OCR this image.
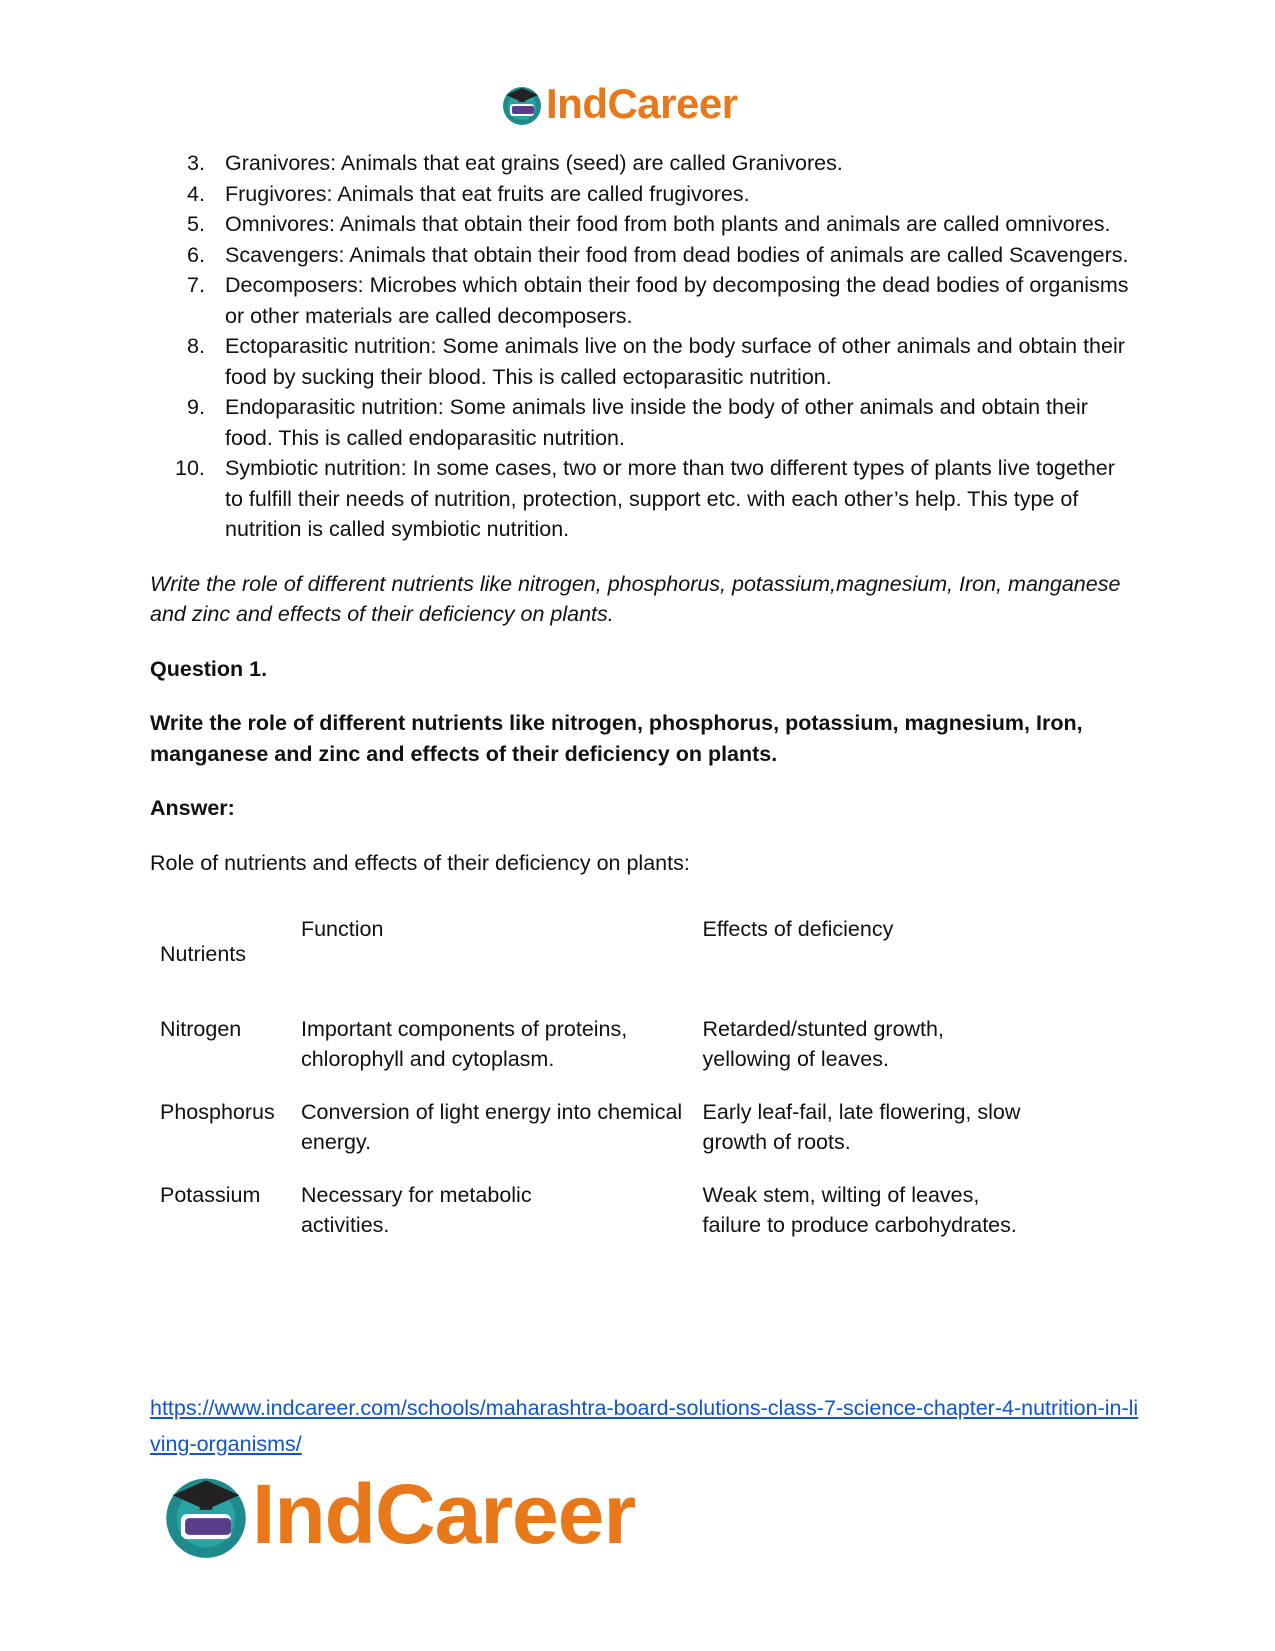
IndCareer
3. Granivores: Animals that eat grains (seed) are called Granivores.
4. Frugivores: Animals that eat fruits are called frugivores.
5. Omnivores: Animals that obtain their food from both plants and animals are called omnivores.
6. Scavengers: Animals that obtain their food from dead bodies of animals are called Scavengers.
7. Decomposers: Microbes which obtain their food by decomposing the dead bodies of organisms or other materials are called decomposers.
8. Ectoparasitic nutrition: Some animals live on the body surface of other animals and obtain their food by sucking their blood. This is called ectoparasitic nutrition.
9. Endoparasitic nutrition: Some animals live inside the body of other animals and obtain their food. This is called endoparasitic nutrition.
10. Symbiotic nutrition: In some cases, two or more than two different types of plants live together to fulfill their needs of nutrition, protection, support etc. with each other’s help. This type of nutrition is called symbiotic nutrition.
Write the role of different nutrients like nitrogen, phosphorus, potassium,magnesium, Iron, manganese and zinc and effects of their deficiency on plants.
Question 1.
Write the role of different nutrients like nitrogen, phosphorus, potassium, magnesium, Iron, manganese and zinc and effects of their deficiency on plants.
Answer:
Role of nutrients and effects of their deficiency on plants:
Nutrients	Function	Effects of deficiency
Nitrogen	Important components of proteins, chlorophyll and cytoplasm.	Retarded/stunted growth,
yellowing of leaves.

Phosphorus	Conversion of light energy into chemical energy.	Early leaf-fail, late flowering, slow growth of roots.

Potassium	Necessary for metabolic activities.	Weak stem, wilting of leaves,
failure to produce carbohydrates.
https://www.indcareer.com/schools/maharashtra-board-solutions-class-7-science-chapter-4-nutrition-in-living-organisms/
IndCareer
